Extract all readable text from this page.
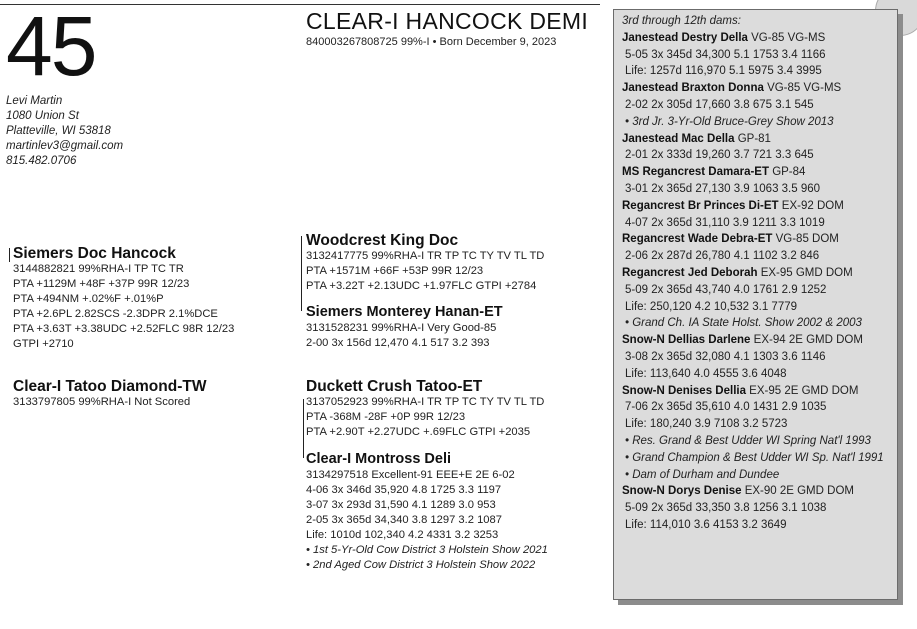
45
Levi Martin
1080 Union St
Platteville, WI 53818
martinlev3@gmail.com
815.482.0706
CLEAR-I HANCOCK DEMI
840003267808725 99%-I • Born December 9, 2023
Siemers Doc Hancock
3144882821 99%RHA-I TP TC TR
PTA +1129M +48F +37P 99R 12/23
PTA +494NM +.02%F +.01%P
PTA +2.6PL 2.82SCS -2.3DPR 2.1%DCE
PTA +3.63T +3.38UDC +2.52FLC 98R 12/23
GTPI +2710
Clear-I Tatoo Diamond-TW
3133797805 99%RHA-I Not Scored
Woodcrest King Doc
3132417775 99%RHA-I TR TP TC TY TV TL TD
PTA +1571M +66F +53P 99R 12/23
PTA +3.22T +2.13UDC +1.97FLC GTPI +2784
Siemers Monterey Hanan-ET
3131528231 99%RHA-I Very Good-85
2-00 3x 156d 12,470 4.1 517 3.2 393
Duckett Crush Tatoo-ET
3137052923 99%RHA-I TR TP TC TY TV TL TD
PTA -368M -28F +0P 99R 12/23
PTA +2.90T +2.27UDC +.69FLC GTPI +2035
Clear-I Montross Deli
3134297518 Excellent-91 EEE+E 2E 6-02
4-06 3x 346d 35,920 4.8 1725 3.3 1197
3-07 3x 293d 31,590 4.1 1289 3.0 953
2-05 3x 365d 34,340 3.8 1297 3.2 1087
Life: 1010d 102,340 4.2 4331 3.2 3253
• 1st 5-Yr-Old Cow District 3 Holstein Show 2021
• 2nd Aged Cow District 3 Holstein Show 2022
3rd through 12th dams:
Janestead Destry Della VG-85 VG-MS
5-05 3x 345d 34,300 5.1 1753 3.4 1166
Life: 1257d 116,970 5.1 5975 3.4 3995
Janestead Braxton Donna VG-85 VG-MS
2-02 2x 305d 17,660 3.8 675 3.1 545
• 3rd Jr. 3-Yr-Old Bruce-Grey Show 2013
Janestead Mac Della GP-81
2-01 2x 333d 19,260 3.7 721 3.3 645
MS Regancrest Damara-ET GP-84
3-01 2x 365d 27,130 3.9 1063 3.5 960
Regancrest Br Princes Di-ET EX-92 DOM
4-07 2x 365d 31,110 3.9 1211 3.3 1019
Regancrest Wade Debra-ET VG-85 DOM
2-06 2x 287d 26,780 4.1 1102 3.2 846
Regancrest Jed Deborah EX-95 GMD DOM
5-09 2x 365d 43,740 4.0 1761 2.9 1252
Life: 250,120 4.2 10,532 3.1 7779
• Grand Ch. IA State Holst. Show 2002 & 2003
Snow-N Dellias Darlene EX-94 2E GMD DOM
3-08 2x 365d 32,080 4.1 1303 3.6 1146
Life: 113,640 4.0 4555 3.6 4048
Snow-N Denises Dellia EX-95 2E GMD DOM
7-06 2x 365d 35,610 4.0 1431 2.9 1035
Life: 180,240 3.9 7108 3.2 5723
• Res. Grand & Best Udder WI Spring Nat'l 1993
• Grand Champion & Best Udder WI Sp. Nat'l 1991
• Dam of Durham and Dundee
Snow-N Dorys Denise EX-90 2E GMD DOM
5-09 2x 365d 33,350 3.8 1256 3.1 1038
Life: 114,010 3.6 4153 3.2 3649
